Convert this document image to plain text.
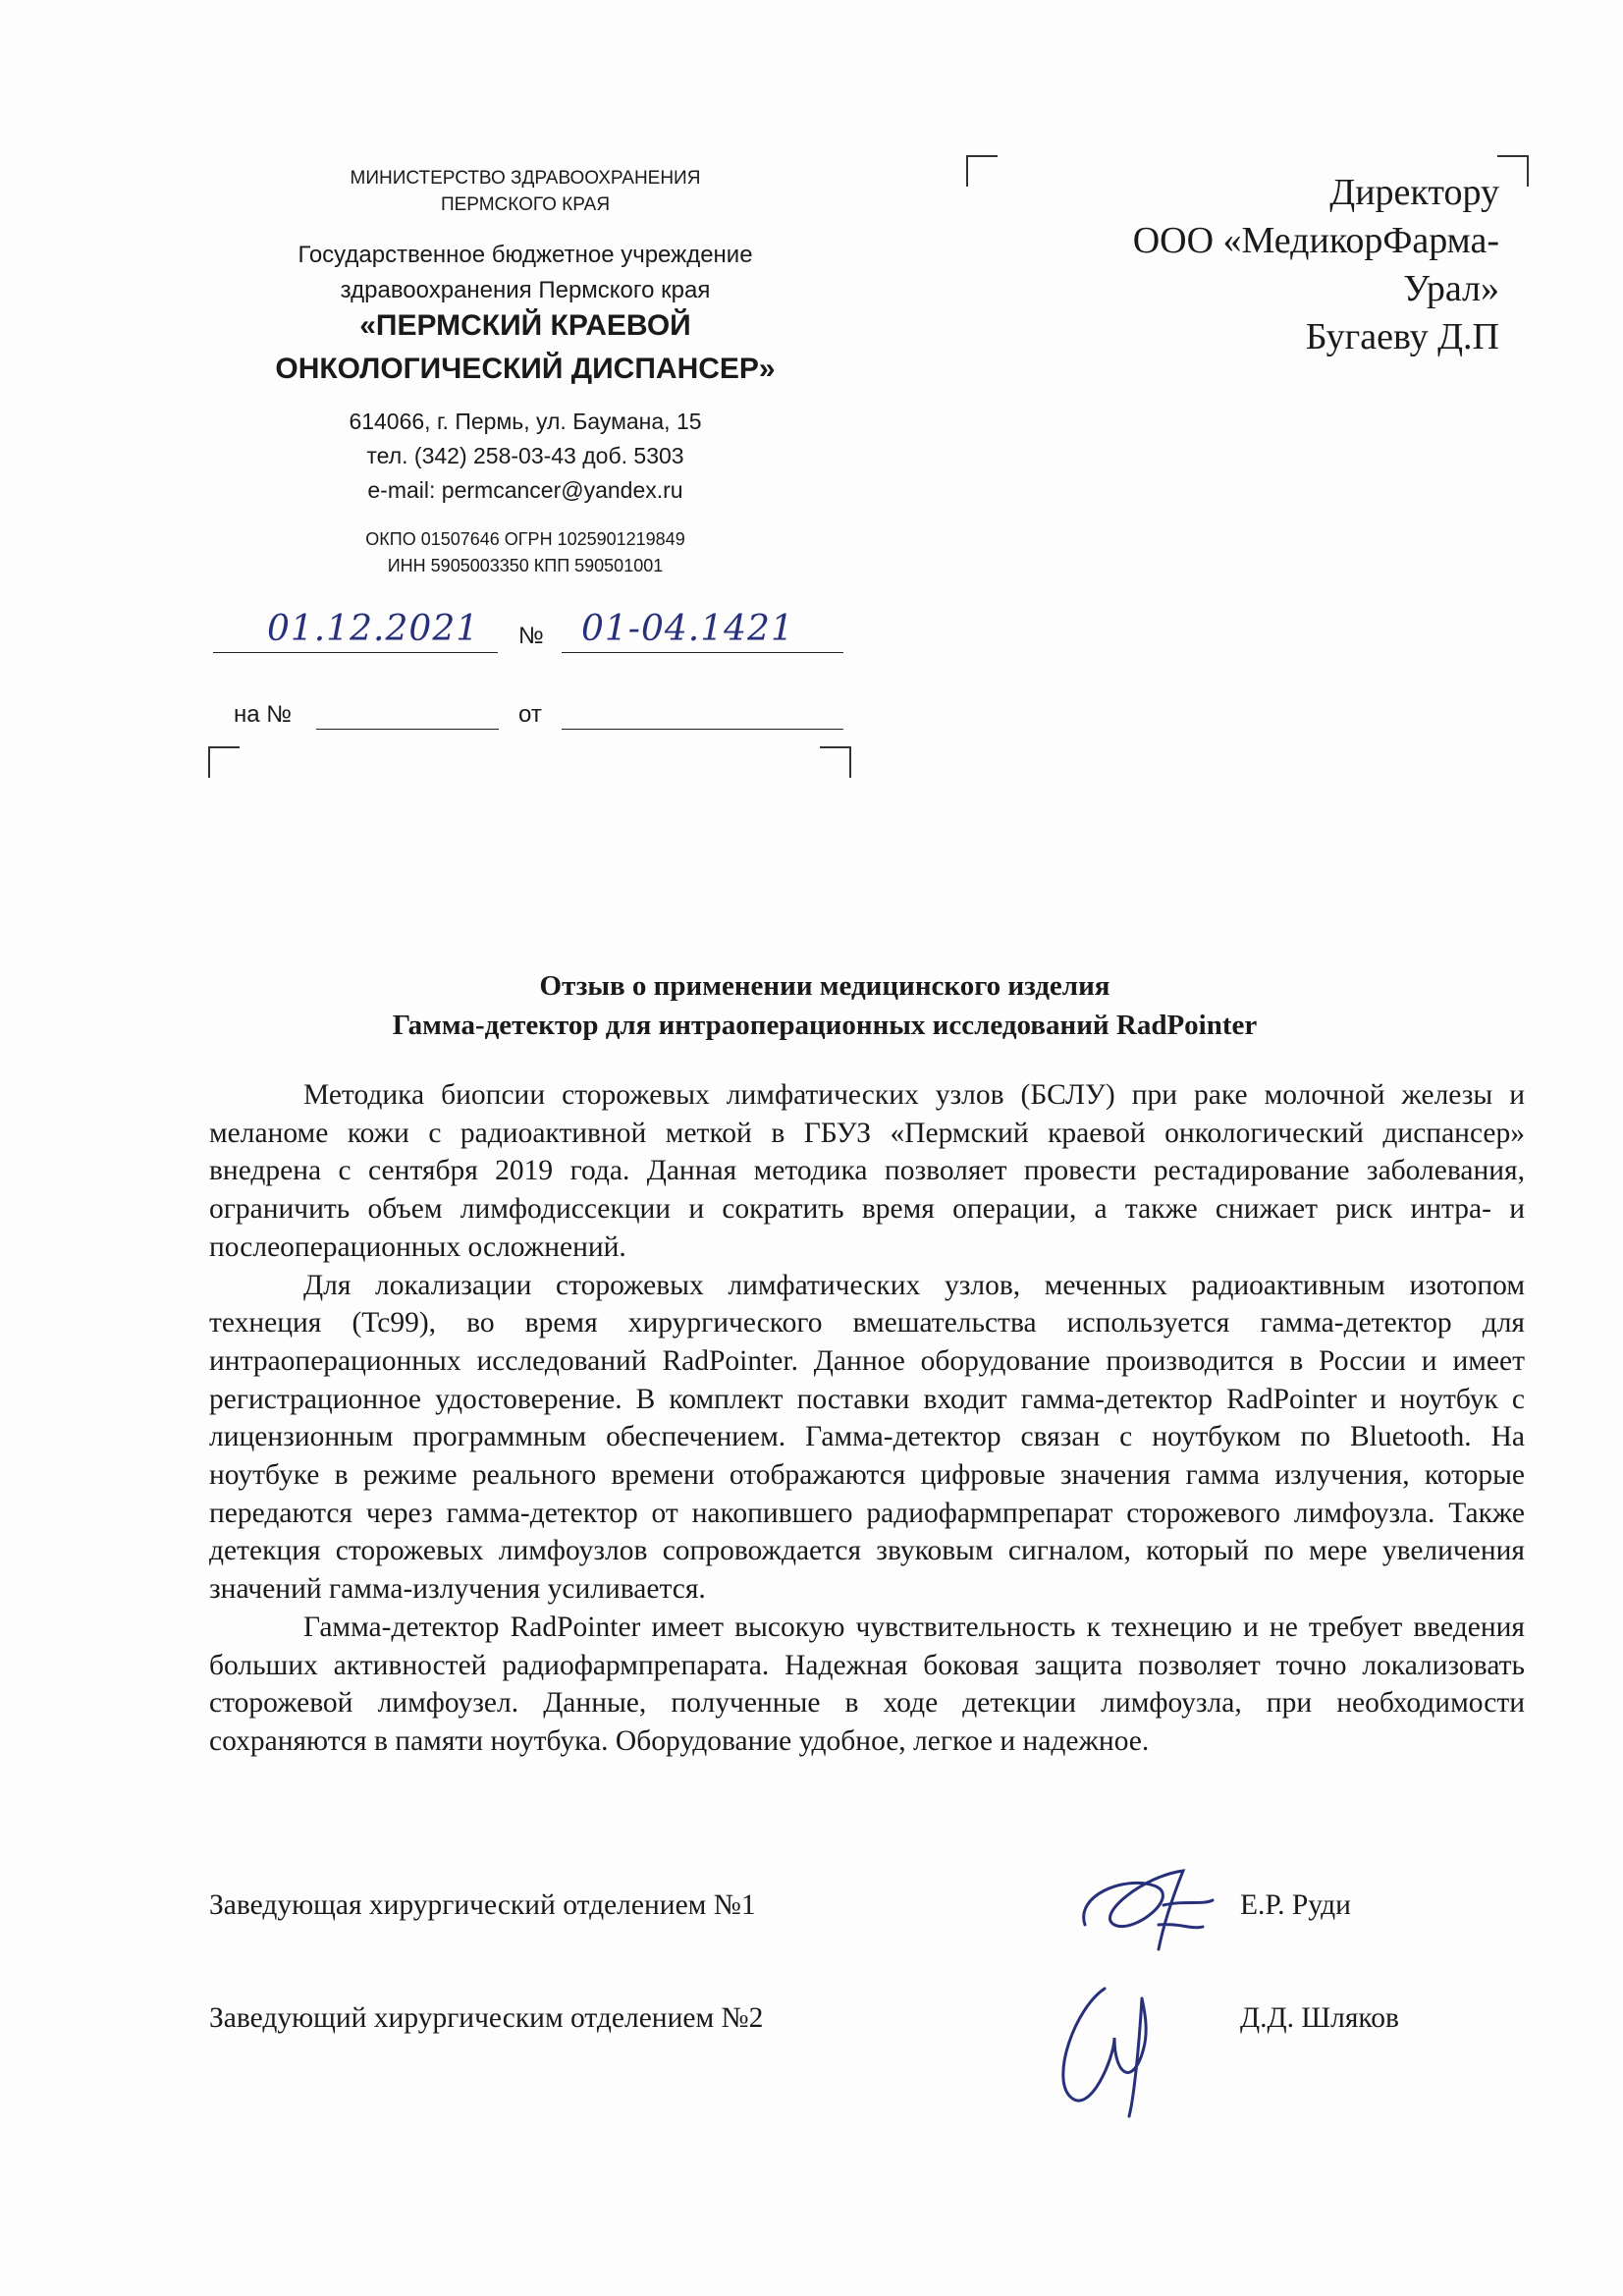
МИНИСТЕРСТВО ЗДРАВООХРАНЕНИЯ
ПЕРМСКОГО КРАЯ
Государственное бюджетное учреждение
здравоохранения Пермского края
«ПЕРМСКИЙ КРАЕВОЙ
ОНКОЛОГИЧЕСКИЙ ДИСПАНСЕР»
614066, г. Пермь, ул. Баумана, 15
тел. (342) 258-03-43 доб. 5303
e-mail: permcancer@yandex.ru
ОКПО 01507646 ОГРН 1025901219849
ИНН 5905003350 КПП 590501001
01.12.2021 № 01-04.1421
на №	от
Директору
ООО «МедикорФарма-
Урал»
Бугаеву Д.П
Отзыв о применении медицинского изделия
Гамма-детектор для интраоперационных исследований RadPointer

Методика биопсии сторожевых лимфатических узлов (БСЛУ) при раке молочной железы и меланоме кожи с радиоактивной меткой в ГБУЗ «Пермский краевой онкологический диспансер» внедрена с сентября 2019 года. Данная методика позволяет провести рестадирование заболевания, ограничить объем лимфодиссекции и сократить время операции, а также снижает риск интра- и послеоперационных осложнений.

Для локализации сторожевых лимфатических узлов, меченных радиоактивным изотопом технеция (Tc99), во время хирургического вмешательства используется гамма-детектор для интраоперационных исследований RadPointer. Данное оборудование производится в России и имеет регистрационное удостоверение. В комплект поставки входит гамма-детектор RadPointer и ноутбук с лицензионным программным обеспечением. Гамма-детектор связан с ноутбуком по Bluetooth. На ноутбуке в режиме реального времени отображаются цифровые значения гамма излучения, которые передаются через гамма-детектор от накопившего радиофармпрепарат сторожевого лимфоузла. Также детекция сторожевых лимфоузлов сопровождается звуковым сигналом, который по мере увеличения значений гамма-излучения усиливается.

Гамма-детектор RadPointer имеет высокую чувствительность к технецию и не требует введения больших активностей радиофармпрепарата. Надежная боковая защита позволяет точно локализовать сторожевой лимфоузел. Данные, полученные в ходе детекции лимфоузла, при необходимости сохраняются в памяти ноутбука. Оборудование удобное, легкое и надежное.

Заведующая хирургический отделением №1	Е.Р. Руди
Заведующий хирургическим отделением №2	Д.Д. Шляков
